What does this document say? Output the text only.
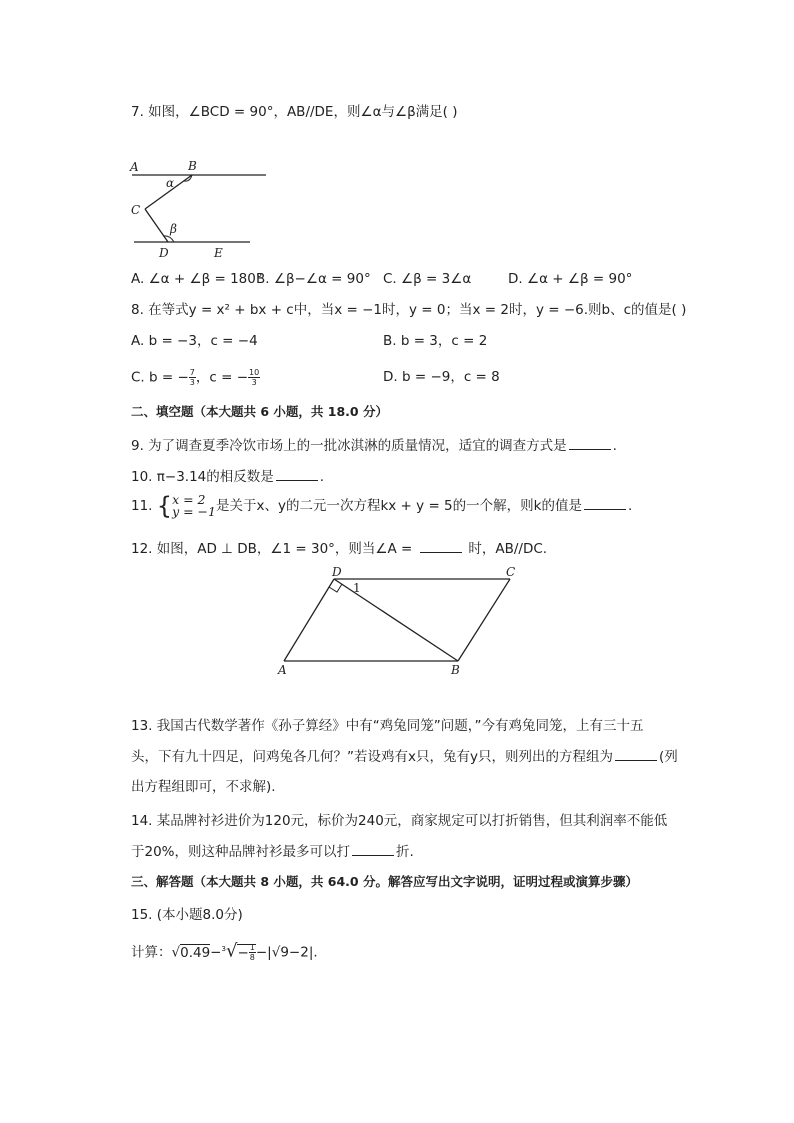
7. 如图，∠BCD = 90°，AB//DE，则∠α与∠β满足( )
A	B
C
D	E
α
β
A. ∠α + ∠β = 180°
B. ∠β−∠α = 90° C. ∠β = 3∠α	D. ∠α + ∠β = 90°
8. 在等式y = x² + bx + c中，当x = −1时，y = 0；当x = 2时，y = −6.则b、c的值是( )
A. b = −3，c = −4	B. b = 3，c = 2
C. b = − $\frac{7}{3}$ ，c = − $\frac{10}{3}$	D. b = −9，c = 8
二、填空题（本大题共 6 小题，共 18.0 分）
9. 为了调查夏季冷饮市场上的一批冰淇淋的质量情况，适宜的调查方式是	.
10. π−3.14的相反数是	.
11. { x = 2
y = −1 是关于x、y的二元一次方程kx + y = 5的一个解，则k的值是	.
12. 如图，AD ⊥ DB，∠1 = 30°，则当∠A =	时，AB//DC.
D	C
A	B
1
13. 我国古代数学著作《孙子算经》中有“鸡兔同笼”问题，”今有鸡兔同笼，上有三十五
头，下有九十四足，问鸡兔各几何？”若设鸡有x只，兔有y只，则列出的方程组为	(列
出方程组即可，不求解).
14. 某品牌衬衫进价为120元，标价为240元，商家规定可以打折销售，但其利润率不能低
于20%，则这种品牌衬衫最多可以打	折.
三、解答题（本大题共 8 小题，共 64.0 分。解答应写出文字说明，证明过程或演算步骤）
15. (本小题8.0分)
计算：$√0.49-^3√- \frac{1}{8} -|√9-2|$.
